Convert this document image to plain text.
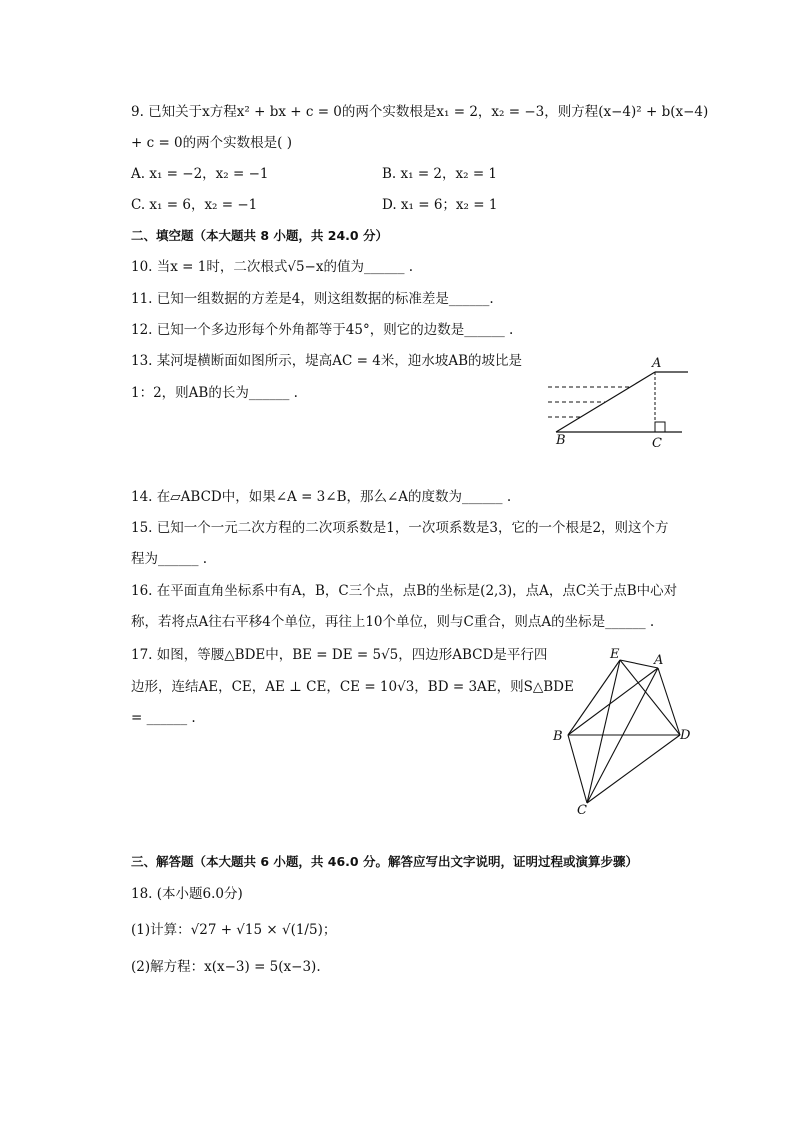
9. 已知关于x方程x² + bx + c = 0的两个实数根是x₁ = 2，x₂ = −3，则方程(x−4)² + b(x−4)
+ c = 0的两个实数根是( )
A. x₁ = −2，x₂ = −1	B. x₁ = 2，x₂ = 1
C. x₁ = 6，x₂ = −1	D. x₁ = 6；x₂ = 1
二、填空题（本大题共 8 小题，共 24.0 分）
10. 当x = 1时，二次根式√5−x的值为______ .
11. 已知一组数据的方差是4，则这组数据的标准差是______.
12. 已知一个多边形每个外角都等于45°，则它的边数是______ .
13. 某河堤横断面如图所示，堤高AC = 4米，迎水坡AB的坡比是
1：2，则AB的长为______ .
A
B	C
14. 在▱ABCD中，如果∠A = 3∠B，那么∠A的度数为______ .
15. 已知一个一元二次方程的二次项系数是1，一次项系数是3，它的一个根是2，则这个方
程为______ .
16. 在平面直角坐标系中有A，B，C三个点，点B的坐标是(2,3)，点A，点C关于点B中心对
称，若将点A往右平移4个单位，再往上10个单位，则与C重合，则点A的坐标是______ .
17. 如图，等腰△BDE中，BE = DE = 5√5，四边形ABCD是平行四
边形，连结AE，CE，AE ⊥ CE，CE = 10√3，BD = 3AE，则S△BDE
= ______ .
E	A
B	D
C
三、解答题（本大题共 6 小题，共 46.0 分。解答应写出文字说明，证明过程或演算步骤）
18. (本小题6.0分)
(1)计算：√27 + √15 × √(1/5)；
(2)解方程：x(x−3) = 5(x−3).
